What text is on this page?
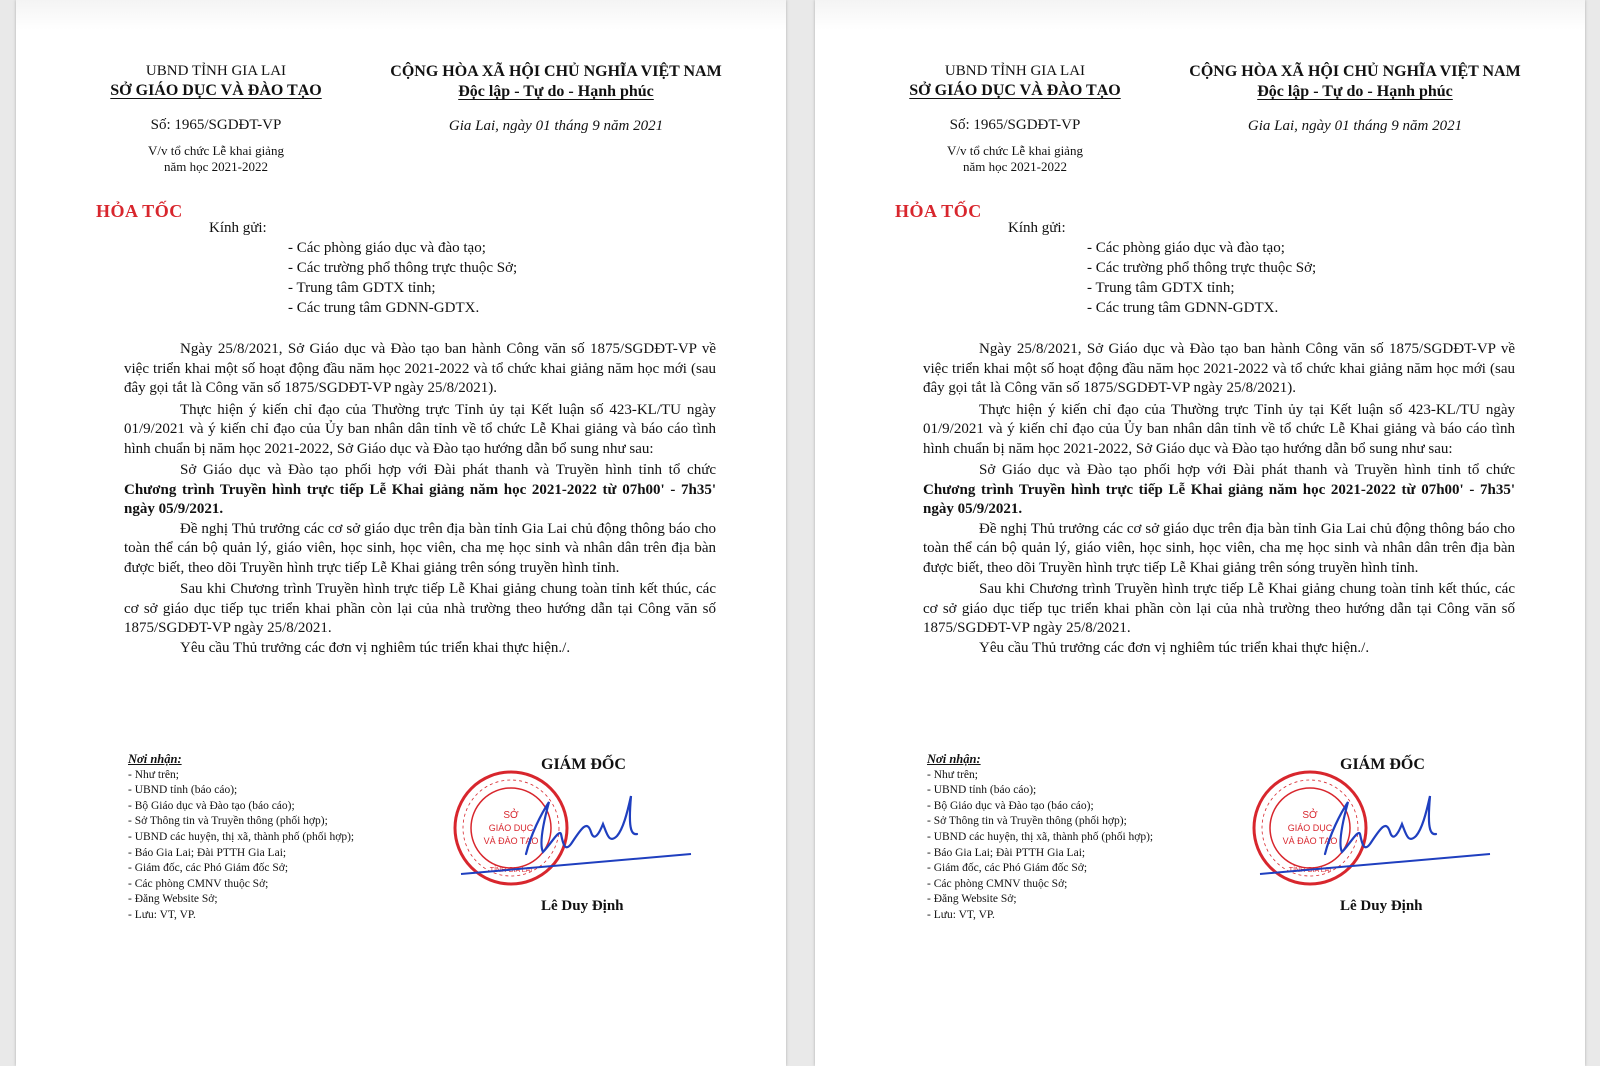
UBND TỈNH GIA LAI
SỞ GIÁO DỤC VÀ ĐÀO TẠO
Số: 1965/SGDĐT-VP
V/v tổ chức Lễ khai giảng
năm học 2021-2022
CỘNG HÒA XÃ HỘI CHỦ NGHĨA VIỆT NAM
Độc lập - Tự do - Hạnh phúc
Gia Lai, ngày 01 tháng 9 năm 2021
HỎA TỐC
Kính gửi:
- Các phòng giáo dục và đào tạo;
- Các trường phổ thông trực thuộc Sở;
- Trung tâm GDTX tỉnh;
- Các trung tâm GDNN-GDTX.

Ngày 25/8/2021, Sở Giáo dục và Đào tạo ban hành Công văn số 1875/SGDĐT-VP về việc triển khai một số hoạt động đầu năm học 2021-2022 và tổ chức khai giảng năm học mới (sau đây gọi tắt là Công văn số 1875/SGDĐT-VP ngày 25/8/2021).

Thực hiện ý kiến chỉ đạo của Thường trực Tỉnh ủy tại Kết luận số 423-KL/TU ngày 01/9/2021 và ý kiến chỉ đạo của Ủy ban nhân dân tỉnh về tổ chức Lễ Khai giảng và báo cáo tình hình chuẩn bị năm học 2021-2022, Sở Giáo dục và Đào tạo hướng dẫn bổ sung như sau:

Sở Giáo dục và Đào tạo phối hợp với Đài phát thanh và Truyền hình tỉnh tổ chức Chương trình Truyền hình trực tiếp Lễ Khai giảng năm học 2021-2022 từ 07h00' - 7h35' ngày 05/9/2021.

Đề nghị Thủ trưởng các cơ sở giáo dục trên địa bàn tỉnh Gia Lai chủ động thông báo cho toàn thể cán bộ quản lý, giáo viên, học sinh, học viên, cha mẹ học sinh và nhân dân trên địa bàn được biết, theo dõi Truyền hình trực tiếp Lễ Khai giảng trên sóng truyền hình tỉnh.

Sau khi Chương trình Truyền hình trực tiếp Lễ Khai giảng chung toàn tỉnh kết thúc, các cơ sở giáo dục tiếp tục triển khai phần còn lại của nhà trường theo hướng dẫn tại Công văn số 1875/SGDĐT-VP ngày 25/8/2021.

Yêu cầu Thủ trưởng các đơn vị nghiêm túc triển khai thực hiện./.

Nơi nhận:
- Như trên;
- UBND tỉnh (báo cáo);
- Bộ Giáo dục và Đào tạo (báo cáo);
- Sở Thông tin và Truyền thông (phối hợp);
- UBND các huyện, thị xã, thành phố (phối hợp);
- Báo Gia Lai; Đài PTTH Gia Lai;
- Giám đốc, các Phó Giám đốc Sở;
- Các phòng CMNV thuộc Sở;
- Đăng Website Sở;
- Lưu: VT, VP.
SỞ
GIÁO DỤC
VÀ ĐÀO TẠO
TỈNH GIA LAI
GIÁM ĐỐC
Lê Duy Định
UBND TỈNH GIA LAI
SỞ GIÁO DỤC VÀ ĐÀO TẠO
Số: 1965/SGDĐT-VP
V/v tổ chức Lễ khai giảng
năm học 2021-2022
CỘNG HÒA XÃ HỘI CHỦ NGHĨA VIỆT NAM
Độc lập - Tự do - Hạnh phúc
Gia Lai, ngày 01 tháng 9 năm 2021
HỎA TỐC
Kính gửi:
- Các phòng giáo dục và đào tạo;
- Các trường phổ thông trực thuộc Sở;
- Trung tâm GDTX tỉnh;
- Các trung tâm GDNN-GDTX.

Ngày 25/8/2021, Sở Giáo dục và Đào tạo ban hành Công văn số 1875/SGDĐT-VP về việc triển khai một số hoạt động đầu năm học 2021-2022 và tổ chức khai giảng năm học mới (sau đây gọi tắt là Công văn số 1875/SGDĐT-VP ngày 25/8/2021).

Thực hiện ý kiến chỉ đạo của Thường trực Tỉnh ủy tại Kết luận số 423-KL/TU ngày 01/9/2021 và ý kiến chỉ đạo của Ủy ban nhân dân tỉnh về tổ chức Lễ Khai giảng và báo cáo tình hình chuẩn bị năm học 2021-2022, Sở Giáo dục và Đào tạo hướng dẫn bổ sung như sau:

Sở Giáo dục và Đào tạo phối hợp với Đài phát thanh và Truyền hình tỉnh tổ chức Chương trình Truyền hình trực tiếp Lễ Khai giảng năm học 2021-2022 từ 07h00' - 7h35' ngày 05/9/2021.

Đề nghị Thủ trưởng các cơ sở giáo dục trên địa bàn tỉnh Gia Lai chủ động thông báo cho toàn thể cán bộ quản lý, giáo viên, học sinh, học viên, cha mẹ học sinh và nhân dân trên địa bàn được biết, theo dõi Truyền hình trực tiếp Lễ Khai giảng trên sóng truyền hình tỉnh.

Sau khi Chương trình Truyền hình trực tiếp Lễ Khai giảng chung toàn tỉnh kết thúc, các cơ sở giáo dục tiếp tục triển khai phần còn lại của nhà trường theo hướng dẫn tại Công văn số 1875/SGDĐT-VP ngày 25/8/2021.

Yêu cầu Thủ trưởng các đơn vị nghiêm túc triển khai thực hiện./.

Nơi nhận:
- Như trên;
- UBND tỉnh (báo cáo);
- Bộ Giáo dục và Đào tạo (báo cáo);
- Sở Thông tin và Truyền thông (phối hợp);
- UBND các huyện, thị xã, thành phố (phối hợp);
- Báo Gia Lai; Đài PTTH Gia Lai;
- Giám đốc, các Phó Giám đốc Sở;
- Các phòng CMNV thuộc Sở;
- Đăng Website Sở;
- Lưu: VT, VP.
SỞ
GIÁO DỤC
VÀ ĐÀO TẠO
TỈNH GIA LAI
GIÁM ĐỐC
Lê Duy Định
